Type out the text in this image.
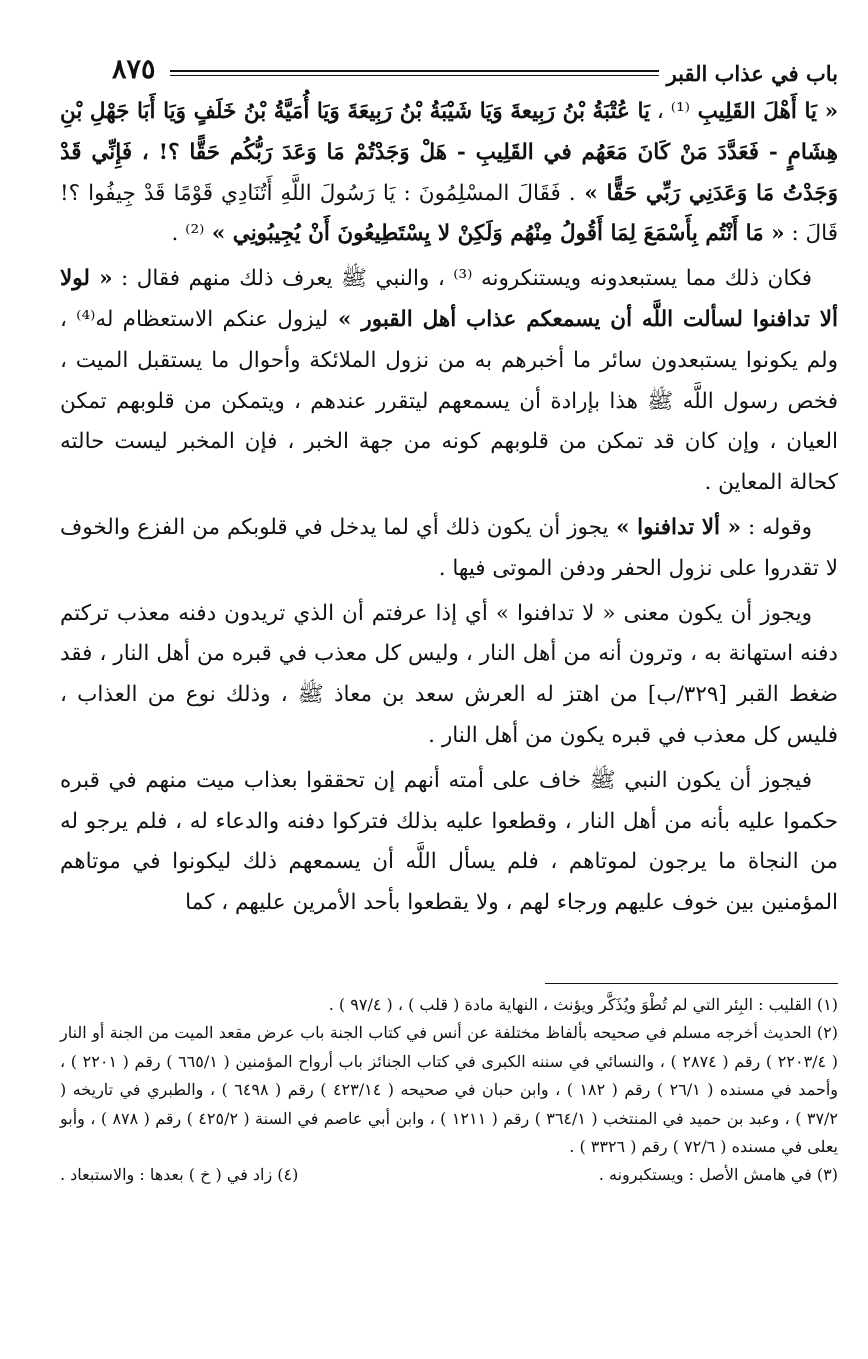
باب في عذاب القبر
٨٧٥

« يَا أَهْلَ القَلِيبِ ⁽¹⁾ ، يَا عُتْبَةُ بْنُ رَبِيعةَ وَيَا شَيْبَةُ بْنُ رَبِيعَةَ وَيَا أُمَيَّةُ بْنُ خَلَفٍ وَيَا أَبَا جَهْلِ بْنِ هِشَامٍ - فَعَدَّدَ مَنْ كَانَ مَعَهُم في القَلِيبِ - هَلْ وَجَدْتُمْ مَا وَعَدَ رَبُّكُم حَقًّا ؟! ، فَإِنِّي قَدْ وَجَدْتُ مَا وَعَدَنِي رَبِّي حَقًّا » . فَقَالَ المسْلِمُونَ : يَا رَسُولَ اللَّهِ أَتُنَادِي قَوْمًا قَدْ جِيفُوا ؟! قَالَ : « مَا أَنْتُم بِأَسْمَعَ لِمَا أَقُولُ مِنْهُم وَلَكِنْ لا يِسْتَطِيعُونَ أَنْ يُجِيبُونِي » ⁽²⁾ .

فكان ذلك مما يستبعدونه ويستنكرونه ⁽³⁾ ، والنبي ﷺ يعرف ذلك منهم فقال : « لولا ألا تدافنوا لسألت اللَّه أن يسمعكم عذاب أهل القبور » ليزول عنكم الاستعظام له⁽⁴⁾ ، ولم يكونوا يستبعدون سائر ما أخبرهم به من نزول الملائكة وأحوال ما يستقبل الميت ، فخص رسول اللَّه ﷺ هذا بإرادة أن يسمعهم ليتقرر عندهم ، ويتمكن من قلوبهم تمكن العيان ، وإن كان قد تمكن من قلوبهم كونه من جهة الخبر ، فإن المخبر ليست حالته كحالة المعاين .

وقوله : « ألا تدافنوا » يجوز أن يكون ذلك أي لما يدخل في قلوبكم من الفزع والخوف لا تقدروا على نزول الحفر ودفن الموتى فيها .

ويجوز أن يكون معنى « لا تدافنوا » أي إذا عرفتم أن الذي تريدون دفنه معذب تركتم دفنه استهانة به ، وترون أنه من أهل النار ، وليس كل معذب في قبره من أهل النار ، فقد ضغط القبر [٣٢٩/ب] من اهتز له العرش سعد بن معاذ ﷺ ، وذلك نوع من العذاب ، فليس كل معذب في قبره يكون من أهل النار .

فيجوز أن يكون النبي ﷺ خاف على أمته أنهم إن تحققوا بعذاب ميت منهم في قبره حكموا عليه بأنه من أهل النار ، وقطعوا عليه بذلك فتركوا دفنه والدعاء له ، فلم يرجو له من النجاة ما يرجون لموتاهم ، فلم يسأل اللَّه أن يسمعهم ذلك ليكونوا في موتاهم المؤمنين بين خوف عليهم ورجاء لهم ، ولا يقطعوا بأحد الأمرين عليهم ، كما

(١) القليب : البِئر التي لم تُطْوَ ويُذَكَّر ويؤنث ، النهاية مادة ( قلب ) ، ( ٩٧/٤ ) .

(٢) الحديث أخرجه مسلم في صحيحه بألفاظ مختلفة عن أنس في كتاب الجنة باب عرض مقعد الميت من الجنة أو النار ( ٢٢٠٣/٤ ) رقم ( ٢٨٧٤ ) ، والنسائي في سننه الكبرى في كتاب الجنائز باب أرواح المؤمنين ( ٦٦٥/١ ) رقم ( ٢٢٠١ ) ، وأحمد في مسنده ( ٢٦/١ ) رقم ( ١٨٢ ) ، وابن حبان في صحيحه ( ٤٢٣/١٤ ) رقم ( ٦٤٩٨ ) ، والطبري في تاريخه ( ٣٧/٢ ) ، وعبد بن حميد في المنتخب ( ٣٦٤/١ ) رقم ( ١٢١١ ) ، وابن أبي عاصم في السنة ( ٤٢٥/٢ ) رقم ( ٨٧٨ ) ، وأبو يعلى في مسنده ( ٧٢/٦ ) رقم ( ٣٣٢٦ ) .

(٣) في هامش الأصل : ويستكبرونه .
(٤) زاد في ( خ ) بعدها : والاستبعاد .
